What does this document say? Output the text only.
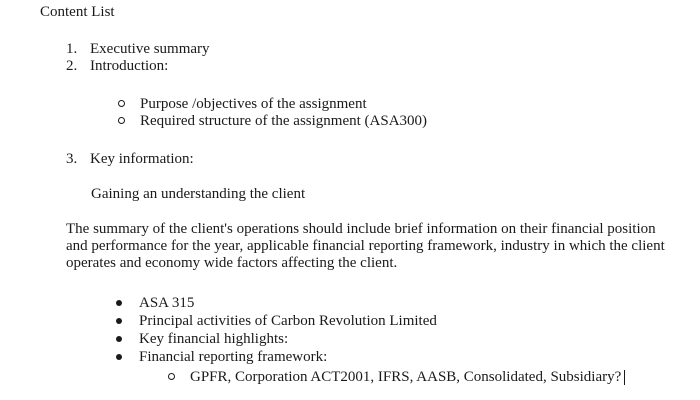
Content List
1. Executive summary
2. Introduction:
Purpose /objectives of the assignment
Required structure of the assignment (ASA300)
3. Key information:
Gaining an understanding the client
The summary of the client's operations should include brief information on their financial position and performance for the year, applicable financial reporting framework, industry in which the client operates and economy wide factors affecting the client.
ASA 315
Principal activities of Carbon Revolution Limited
Key financial highlights:
Financial reporting framework:
GPFR, Corporation ACT2001, IFRS, AASB, Consolidated, Subsidiary?
